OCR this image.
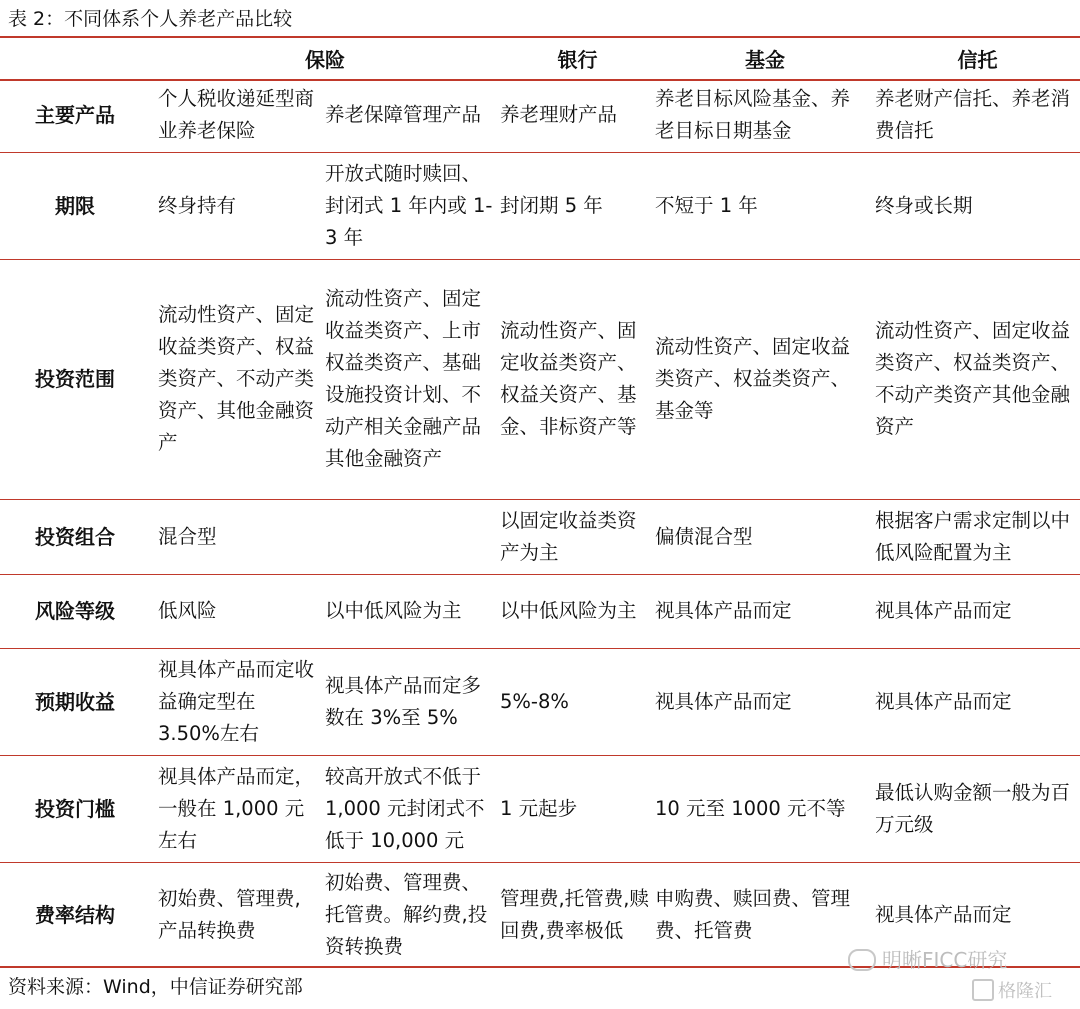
表 2：不同体系个人养老产品比较
	保险		银行	基金	信托
主要产品	个人税收递延型商业养老保险	养老保障管理产品	养老理财产品	养老目标风险基金、养老目标日期基金	养老财产信托、养老消费信托
期限	终身持有	开放式随时赎回、封闭式 1 年内或 1-3 年	封闭期 5 年	不短于 1 年	终身或长期
投资范围	流动性资产、固定收益类资产、权益类资产、不动产类资产、其他金融资产	流动性资产、固定收益类资产、上市权益类资产、基础设施投资计划、不动产相关金融产品其他金融资产	流动性资产、固定收益类资产、权益关资产、基金、非标资产等	流动性资产、固定收益类资产、权益类资产、基金等	流动性资产、固定收益类资产、权益类资产、不动产类资产其他金融资产
投资组合	混合型		以固定收益类资产为主	偏债混合型	根据客户需求定制以中低风险配置为主
风险等级	低风险	以中低风险为主	以中低风险为主	视具体产品而定	视具体产品而定
预期收益	视具体产品而定收益确定型在 3.50%左右	视具体产品而定多数在 3%至 5%	5%-8%	视具体产品而定	视具体产品而定
投资门槛	视具体产品而定，一般在 1,000 元左右	较高开放式不低于 1,000 元封闭式不低于 10,000 元	1 元起步	10 元至 1000 元不等	最低认购金额一般为百万元级
费率结构	初始费、管理费,产品转换费	初始费、管理费、托管费。解约费,投资转换费	管理费,托管费,赎回费,费率极低	申购费、赎回费、管理费、托管费	视具体产品而定
资料来源：Wind，中信证券研究部
明晰FICC研究
格隆汇
